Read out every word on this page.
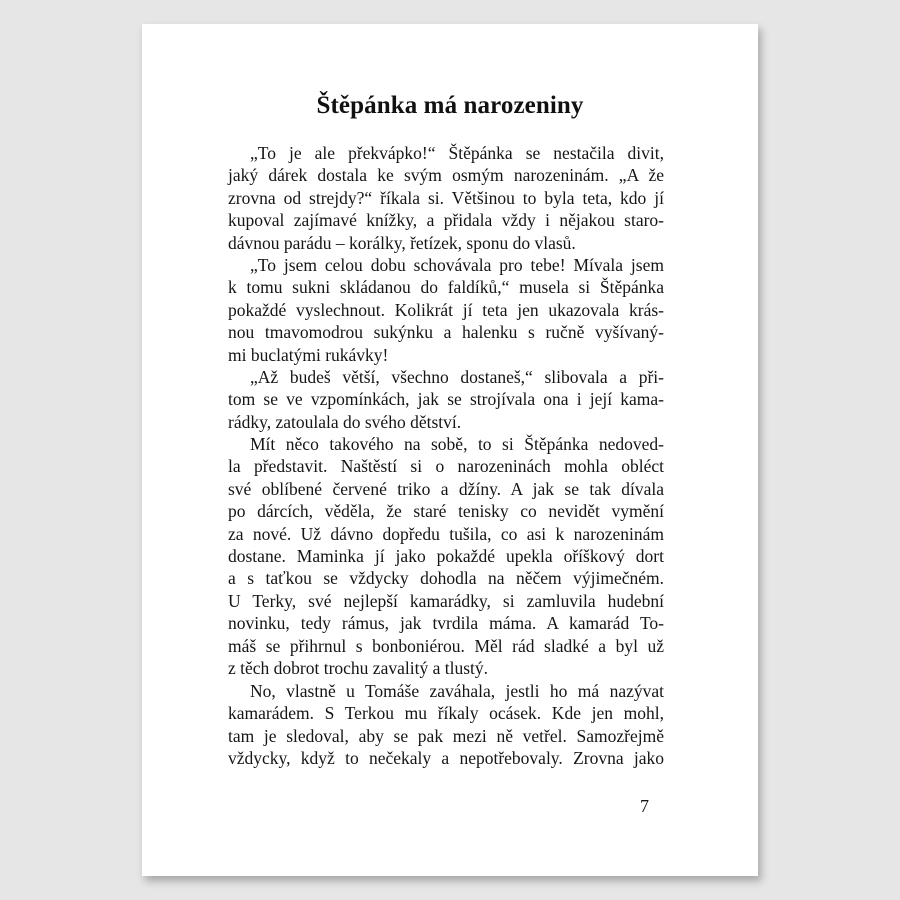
Štěpánka má narozeniny
„To je ale překvápko!“ Štěpánka se nestačila divit,
jaký dárek dostala ke svým osmým narozeninám. „A že
zrovna od strejdy?“ říkala si. Většinou to byla teta, kdo jí
kupoval zajímavé knížky, a přidala vždy i nějakou staro-
dávnou parádu – korálky, řetízek, sponu do vlasů.
„To jsem celou dobu schovávala pro tebe! Mívala jsem
k tomu sukni skládanou do faldíků,“ musela si Štěpánka
pokaždé vyslechnout. Kolikrát jí teta jen ukazovala krás-
nou tmavomodrou sukýnku a halenku s ručně vyšívaný-
mi buclatými rukávky!
„Až budeš větší, všechno dostaneš,“ slibovala a při-
tom se ve vzpomínkách, jak se strojívala ona i její kama-
rádky, zatoulala do svého dětství.
Mít něco takového na sobě, to si Štěpánka nedoved-
la představit. Naštěstí si o narozeninách mohla obléct
své oblíbené červené triko a džíny. A jak se tak dívala
po dárcích, věděla, že staré tenisky co nevidět vymění
za nové. Už dávno dopředu tušila, co asi k narozeninám
dostane. Maminka jí jako pokaždé upekla oříškový dort
a s taťkou se vždycky dohodla na něčem výjimečném.
U Terky, své nejlepší kamarádky, si zamluvila hudební
novinku, tedy rámus, jak tvrdila máma. A kamarád To-
máš se přihrnul s bonboniérou. Měl rád sladké a byl už
z těch dobrot trochu zavalitý a tlustý.
No, vlastně u Tomáše zaváhala, jestli ho má nazývat
kamarádem. S Terkou mu říkaly ocásek. Kde jen mohl,
tam je sledoval, aby se pak mezi ně vetřel. Samozřejmě
vždycky, když to nečekaly a nepotřebovaly. Zrovna jako
7
